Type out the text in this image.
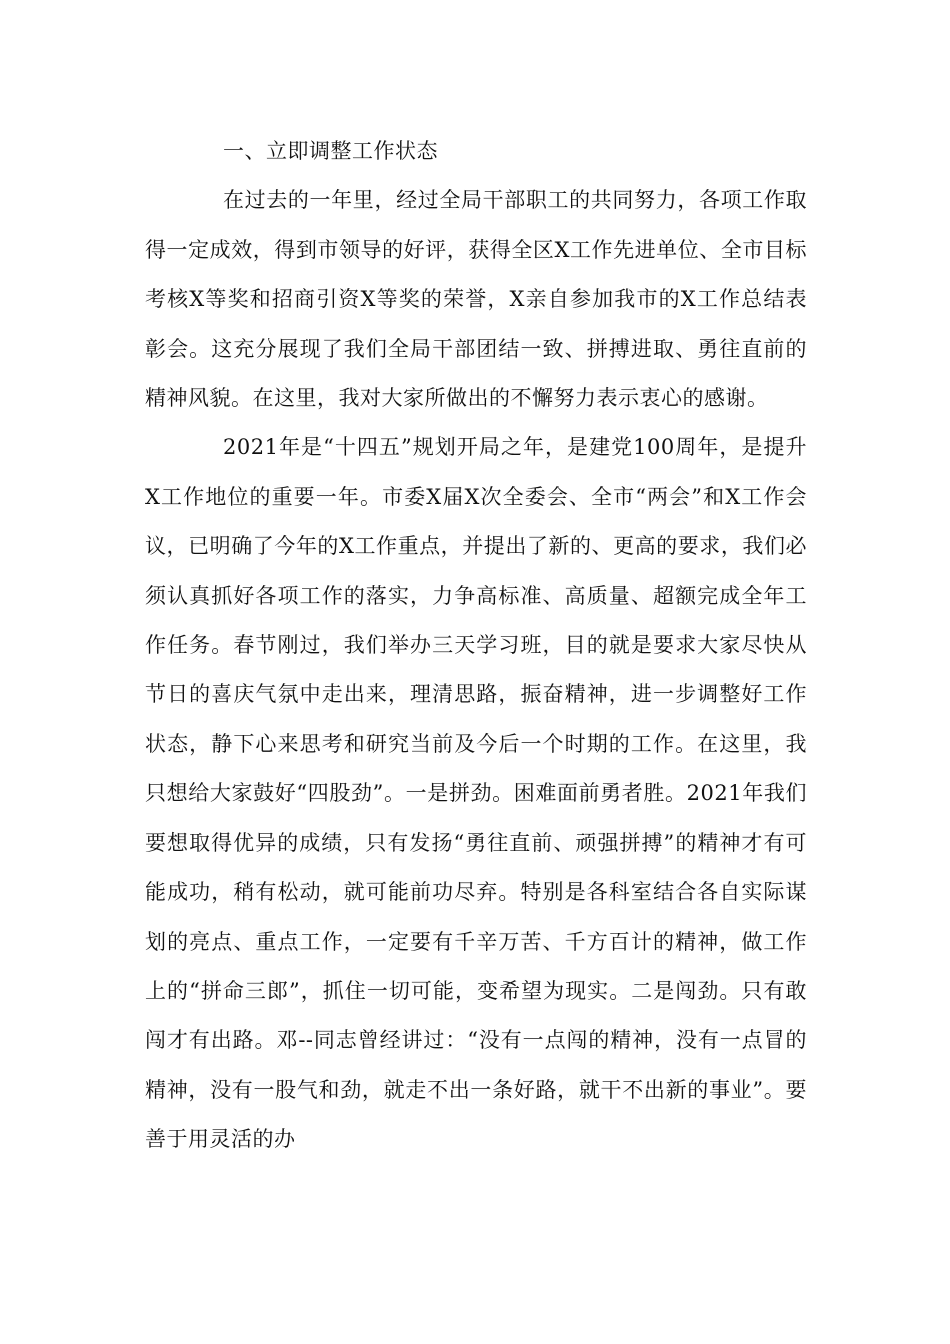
一、立即调整工作状态

在过去的一年里，经过全局干部职工的共同努力，各项工作取得一定成效，得到市领导的好评，获得全区X工作先进单位、全市目标考核X等奖和招商引资X等奖的荣誉，X亲自参加我市的X工作总结表彰会。这充分展现了我们全局干部团结一致、拼搏进取、勇往直前的精神风貌。在这里，我对大家所做出的不懈努力表示衷心的感谢。

2021年是“十四五”规划开局之年，是建党100周年，是提升X工作地位的重要一年。市委X届X次全委会、全市“两会”和X工作会议，已明确了今年的X工作重点，并提出了新的、更高的要求，我们必须认真抓好各项工作的落实，力争高标准、高质量、超额完成全年工作任务。春节刚过，我们举办三天学习班，目的就是要求大家尽快从节日的喜庆气氛中走出来，理清思路，振奋精神，进一步调整好工作状态，静下心来思考和研究当前及今后一个时期的工作。在这里，我只想给大家鼓好“四股劲”。一是拼劲。困难面前勇者胜。2021年我们要想取得优异的成绩，只有发扬“勇往直前、顽强拼搏”的精神才有可能成功，稍有松动，就可能前功尽弃。特别是各科室结合各自实际谋划的亮点、重点工作，一定要有千辛万苦、千方百计的精神，做工作上的“拼命三郎”，抓住一切可能，变希望为现实。二是闯劲。只有敢闯才有出路。邓--同志曾经讲过：“没有一点闯的精神，没有一点冒的精神，没有一股气和劲，就走不出一条好路，就干不出新的事业”。要善于用灵活的办
